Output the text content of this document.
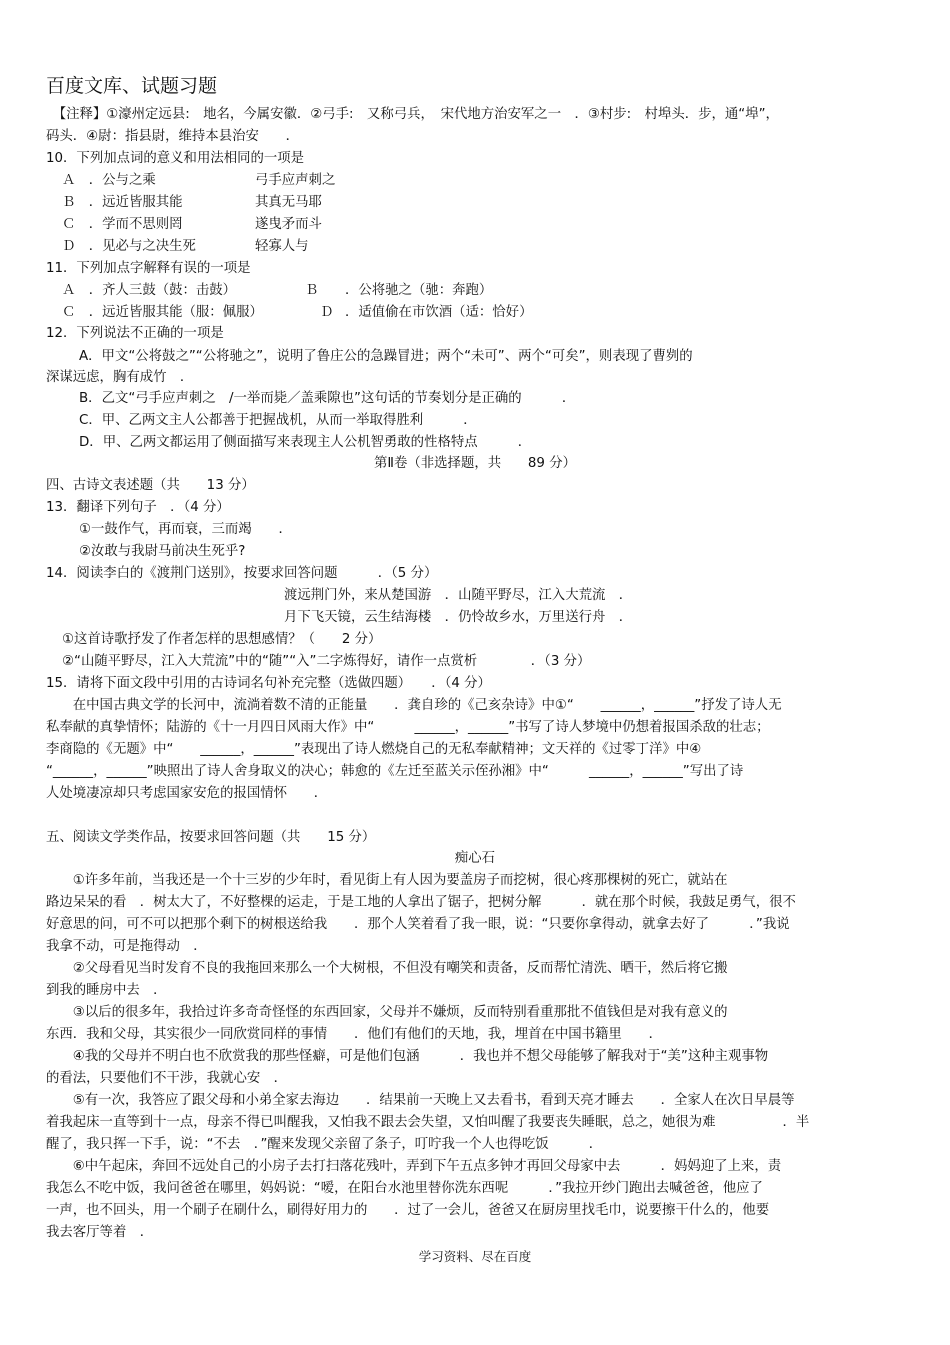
百度文库、试题习题
　【注释】①濠州定远县:　地名，今属安徽．②弓手:　又称弓兵，　宋代地方治安军之一　．③村步:　村埠头．步，通“埠”，
码头．④尉：指县尉，维持本县治安　　．
10．下列加点词的意义和用法相同的一项是
Ａ　．公与之乘	弓手应声刺之
Ｂ　．远近皆服其能	其真无马耶
Ｃ　．学而不思则罔	遂曳矛而斗
Ｄ　．见必与之决生死	轻寡人与
11．下列加点字解释有误的一项是
Ａ　．齐人三鼓（鼓：击鼓）	Ｂ ．公将驰之（驰：奔跑）
Ｃ　．远近皆服其能（服：佩服）	Ｄ ．适值偷在市饮酒（适：恰好）
12．下列说法不正确的一项是
A．甲文“公将鼓之”“公将驰之”，说明了鲁庄公的急躁冒进；两个“未可”、两个“可矣”，则表现了曹刿的
深谋远虑，胸有成竹　．
B．乙文“弓手应声刺之　/一举而毙／盖乘隙也”这句话的节奏划分是正确的　　　．
C．甲、乙两文主人公都善于把握战机，从而一举取得胜利　　　．
D．甲、乙两文都运用了侧面描写来表现主人公机智勇敢的性格特点　　　．
第Ⅱ卷（非选择题，共　　89 分）
四、古诗文表述题（共　　13 分）
13．翻译下列句子　．（4 分）
①一鼓作气，再而衰，三而竭　　．
②汝敢与我尉马前决生死乎?
14．阅读李白的《渡荆门送别》，按要求回答问题　　　．（5 分）
渡远荆门外，来从楚国游　．山随平野尽，江入大荒流　．
月下飞天镜，云生结海楼　．仍怜故乡水，万里送行舟　．
①这首诗歌抒发了作者怎样的思想感情？（　　2 分）
②“山随平野尽，江入大荒流”中的“随”“入”二字炼得好，请作一点赏析　　　　．（3 分）
15．请将下面文段中引用的古诗词名句补充完整（选做四题）　　．（4 分）
　　在中国古典文学的长河中，流淌着数不清的正能量　　．龚自珍的《己亥杂诗》中①“　　______，______”抒发了诗人无
私奉献的真挚情怀；陆游的《十一月四日风雨大作》中“　　　______，______”书写了诗人梦境中仍想着报国杀敌的壮志；
李商隐的《无题》中“　　______，______”表现出了诗人燃烧自己的无私奉献精神；文天祥的《过零丁洋》中④
“______，______”映照出了诗人舍身取义的决心；韩愈的《左迁至蓝关示侄孙湘》中“　　　______，______”写出了诗
人处境凄凉却只考虑国家安危的报国情怀　　．
五、阅读文学类作品，按要求回答问题（共　　15 分）
痴心石
　　①许多年前，当我还是一个十三岁的少年时，看见街上有人因为要盖房子而挖树，很心疼那棵树的死亡，就站在
路边呆呆的看　．树太大了，不好整棵的运走，于是工地的人拿出了锯子，把树分解　　　．就在那个时候，我鼓足勇气，很不
好意思的问，可不可以把那个剩下的树根送给我　　．那个人笑着看了我一眼，说：“只要你拿得动，就拿去好了　　　．”我说
我拿不动，可是拖得动　．
　　②父母看见当时发育不良的我拖回来那么一个大树根，不但没有嘲笑和责备，反而帮忙清洗、晒干，然后将它搬
到我的睡房中去　．
　　③以后的很多年，我拾过许多奇奇怪怪的东西回家，父母并不嫌烦，反而特别看重那批不值钱但是对我有意义的
东西．我和父母，其实很少一同欣赏同样的事情　　．他们有他们的天地，我，埋首在中国书籍里　　．
　　④我的父母并不明白也不欣赏我的那些怪癖，可是他们包涵　　　．我也并不想父母能够了解我对于“美”这种主观事物
的看法，只要他们不干涉，我就心安　．
　　⑤有一次，我答应了跟父母和小弟全家去海边　　．结果前一天晚上又去看书，看到天亮才睡去　　．全家人在次日早晨等
着我起床一直等到十一点，母亲不得已叫醒我，又怕我不跟去会失望，又怕叫醒了我要丧失睡眠，总之，她很为难　　　　　．半
醒了，我只挥一下手，说：“不去　．”醒来发现父亲留了条子，叮咛我一个人也得吃饭　　　．
　　⑥中午起床，奔回不远处自己的小房子去打扫落花残叶，弄到下午五点多钟才再回父母家中去　　　．妈妈迎了上来，责
我怎么不吃中饭，我问爸爸在哪里，妈妈说：“嗳，在阳台水池里替你洗东西呢　　　．”我拉开纱门跑出去喊爸爸，他应了
一声，也不回头，用一个刷子在刷什么，刷得好用力的　　．过了一会儿，爸爸又在厨房里找毛巾，说要擦干什么的，他要
我去客厅等着　．
学习资料、尽在百度
